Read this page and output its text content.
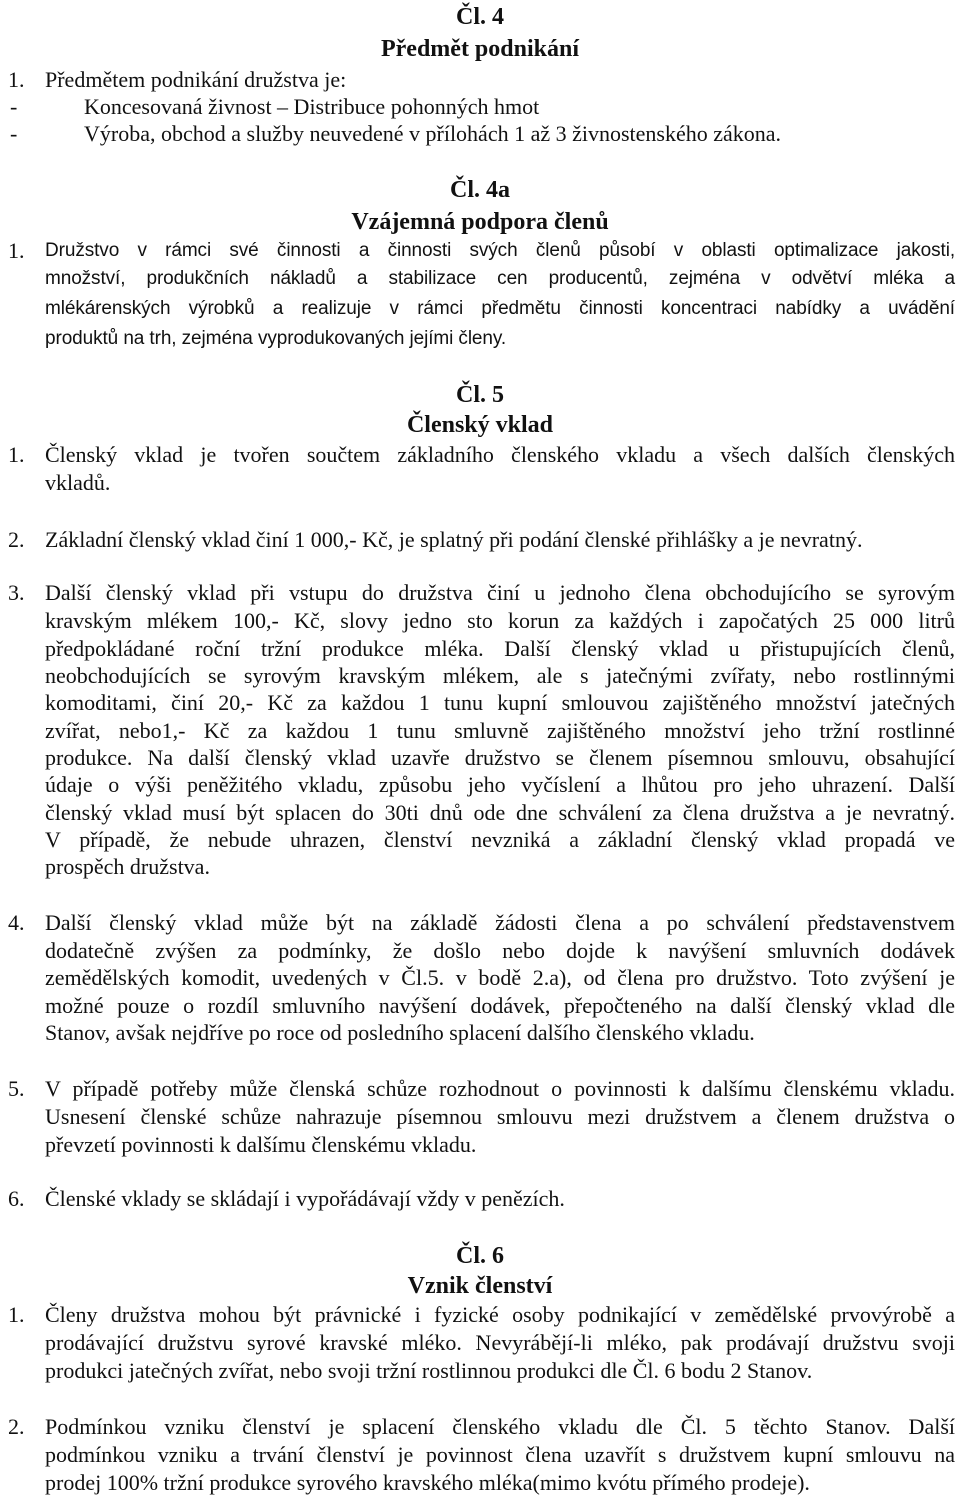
Čl. 4
Předmět podnikání
1. Předmětem podnikání družstva je:
-	Koncesovaná živnost – Distribuce pohonných hmot
-	Výroba, obchod a služby neuvedené v přílohách 1 až 3 živnostenského zákona.
Čl. 4a
Vzájemná podpora členů
1. Družstvo v rámci své činnosti a činnosti svých členů působí v oblasti optimalizace jakosti,
množství, produkčních nákladů a stabilizace cen producentů, zejména v odvětví mléka a
mlékárenských výrobků a realizuje v rámci předmětu činnosti koncentraci nabídky a uvádění
produktů na trh, zejména vyprodukovaných jejími členy.
Čl. 5
Členský vklad
1. Členský vklad je tvořen součtem základního členského vkladu a všech dalších členských
vkladů.
2. Základní členský vklad činí 1 000,- Kč, je splatný při podání členské přihlášky a je nevratný.
3. Další členský vklad při vstupu do družstva činí u jednoho člena obchodujícího se syrovým
kravským mlékem 100,- Kč, slovy jedno sto korun za každých i započatých 25 000 litrů
předpokládané roční tržní produkce mléka. Další členský vklad u přistupujících členů,
neobchodujících se syrovým kravským mlékem, ale s jatečnými zvířaty, nebo rostlinnými
komoditami, činí 20,- Kč za každou 1 tunu kupní smlouvou zajištěného množství jatečných
zvířat, nebo1,- Kč za každou 1 tunu smluvně zajištěného množství jeho tržní rostlinné
produkce. Na další členský vklad uzavře družstvo se členem písemnou smlouvu, obsahující
údaje o výši peněžitého vkladu, způsobu jeho vyčíslení a lhůtou pro jeho uhrazení. Další
členský vklad musí být splacen do 30ti dnů ode dne schválení za člena družstva a je nevratný.
V případě, že nebude uhrazen, členství nevzniká a základní členský vklad propadá ve
prospěch družstva.
4. Další členský vklad může být na základě žádosti člena a po schválení představenstvem
dodatečně zvýšen za podmínky, že došlo nebo dojde k navýšení smluvních dodávek
zemědělských komodit, uvedených v Čl.5. v bodě 2.a), od člena pro družstvo. Toto zvýšení je
možné pouze o rozdíl smluvního navýšení dodávek, přepočteného na další členský vklad dle
Stanov, avšak nejdříve po roce od posledního splacení dalšího členského vkladu.
5. V případě potřeby může členská schůze rozhodnout o povinnosti k dalšímu členskému vkladu.
Usnesení členské schůze nahrazuje písemnou smlouvu mezi družstvem a členem družstva o
převzetí povinnosti k dalšímu členskému vkladu.
6. Členské vklady se skládají i vypořádávají vždy v penězích.
Čl. 6
Vznik členství
1. Členy družstva mohou být právnické i fyzické osoby podnikající v zemědělské prvovýrobě a
prodávající družstvu syrové kravské mléko. Nevyrábějí-li mléko, pak prodávají družstvu svoji
produkci jatečných zvířat, nebo svoji tržní rostlinnou produkci dle Čl. 6 bodu 2 Stanov.
2. Podmínkou vzniku členství je splacení členského vkladu dle Čl. 5 těchto Stanov. Další
podmínkou vzniku a trvání členství je povinnost člena uzavřít s družstvem kupní smlouvu na
prodej 100% tržní produkce syrového kravského mléka(mimo kvótu přímého prodeje).
